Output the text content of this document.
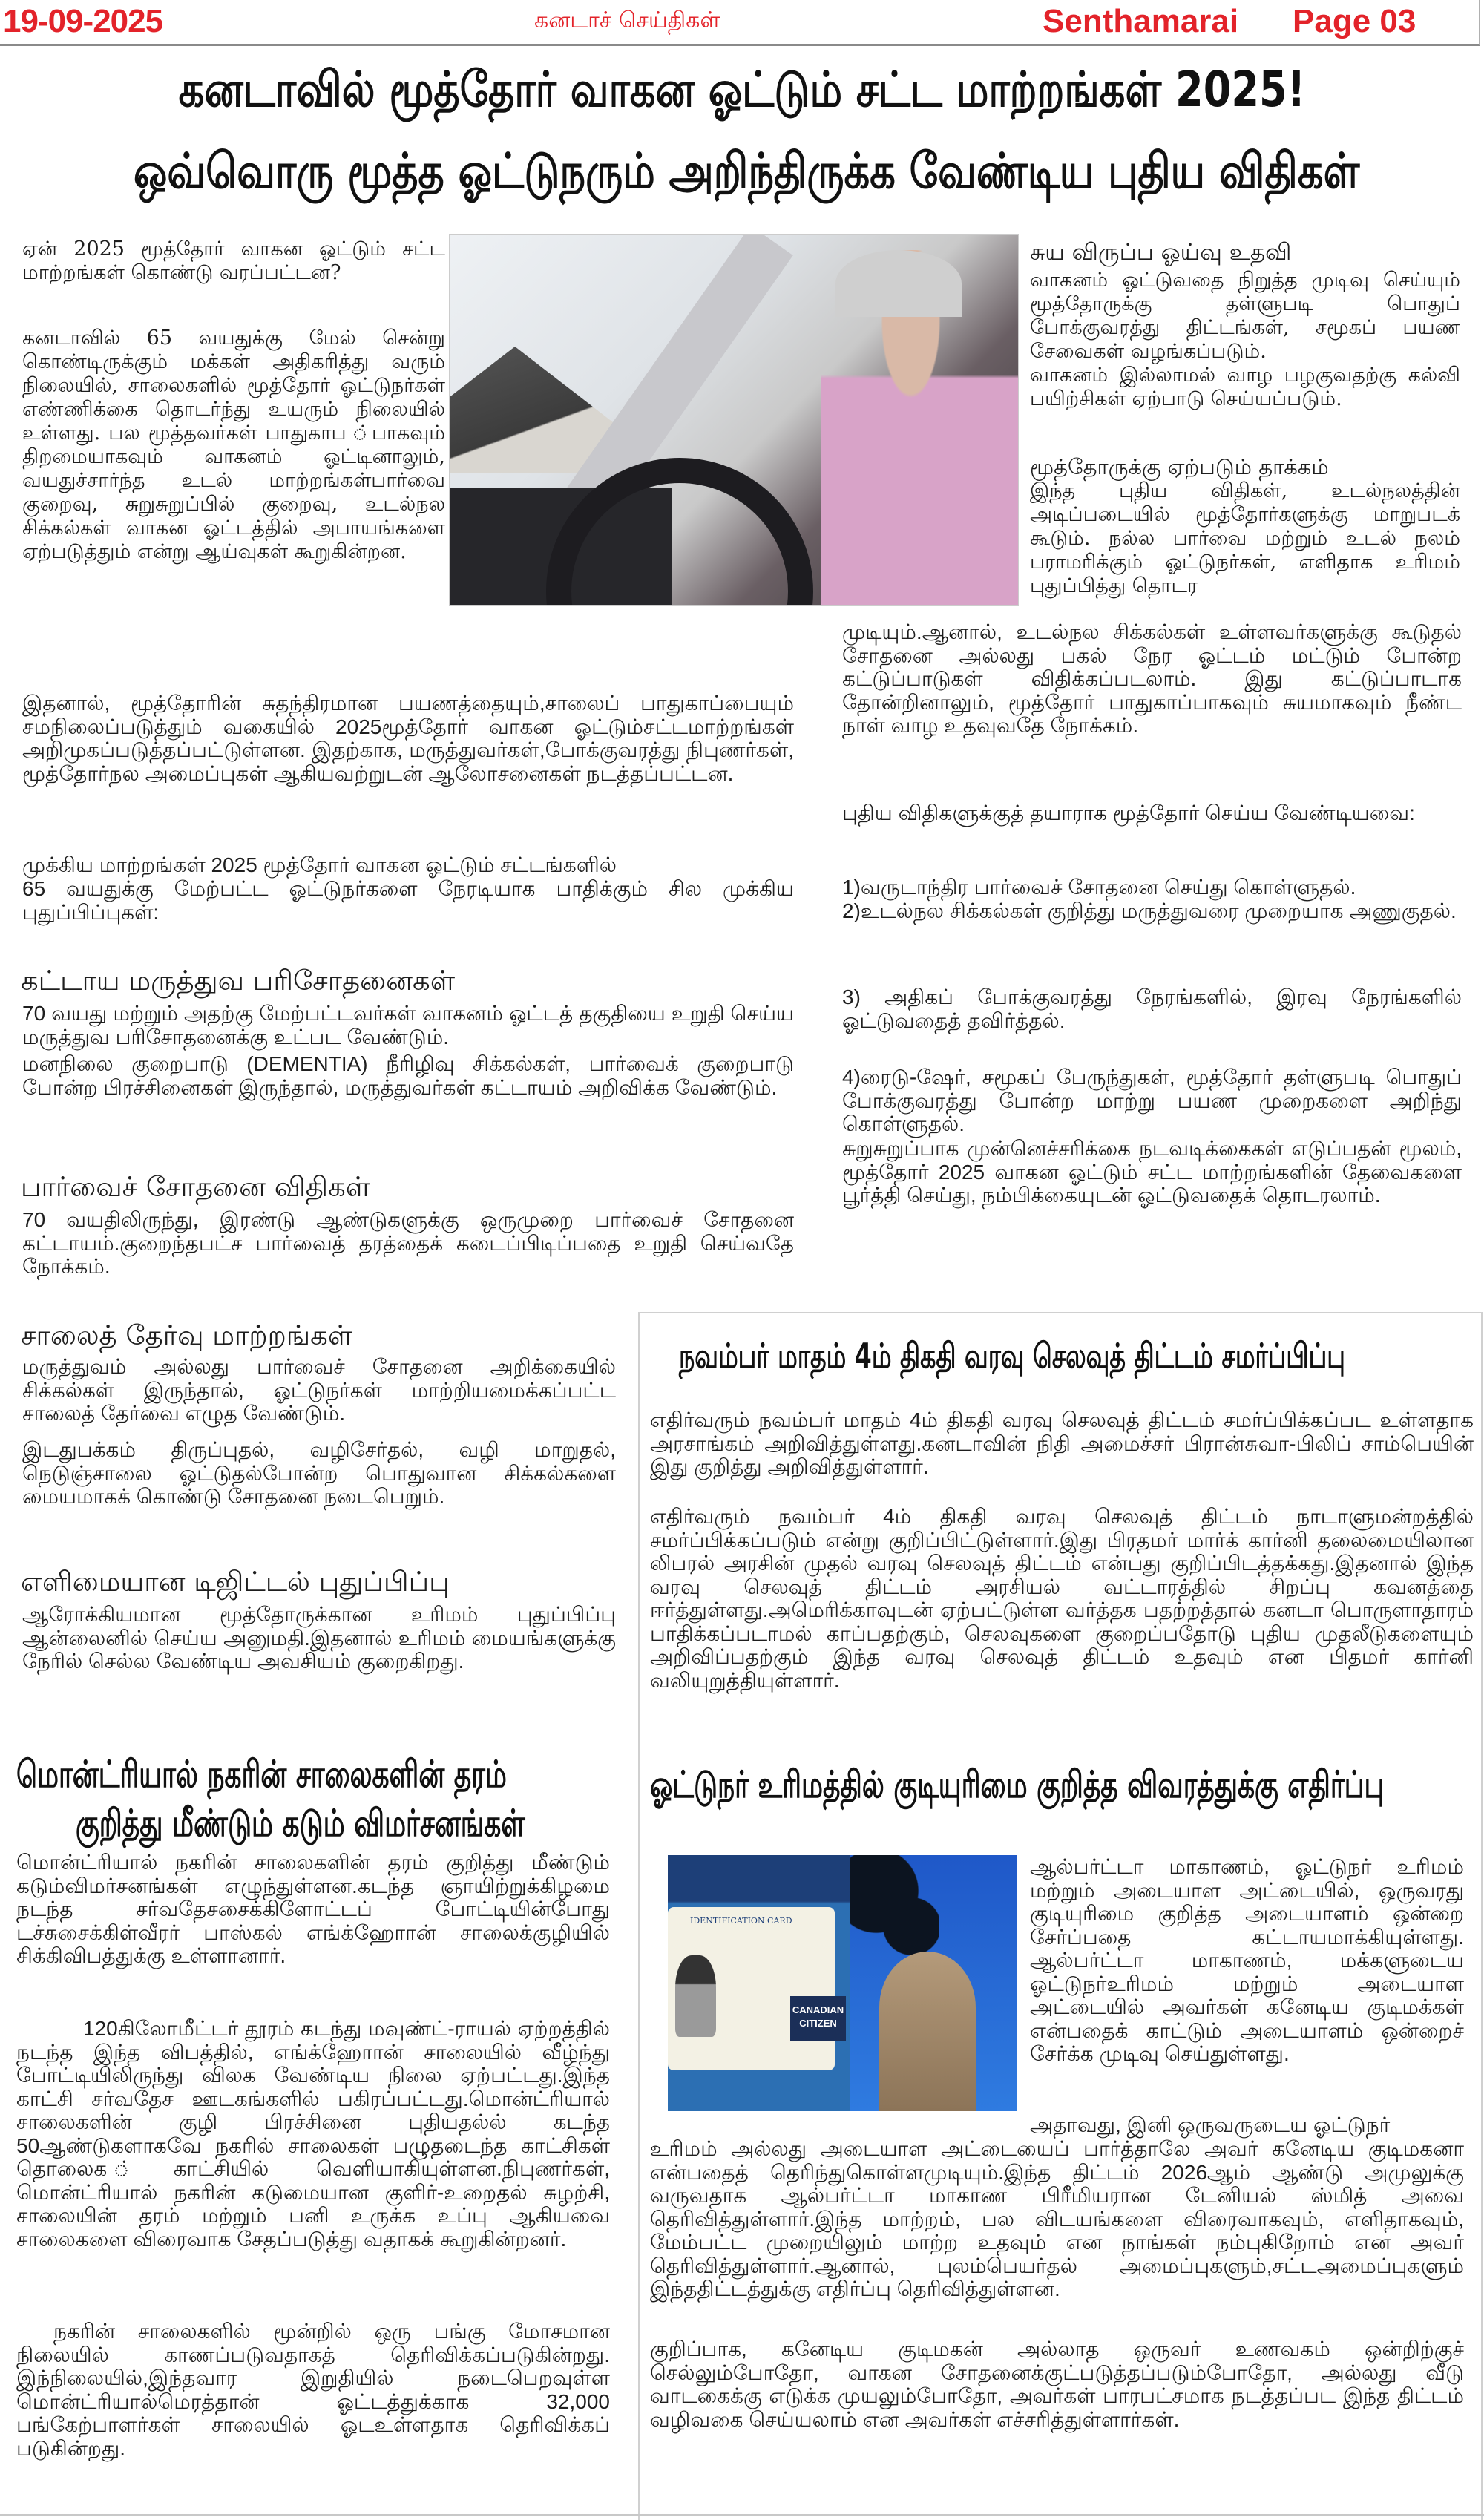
19-09-2025	கனடாச் செய்திகள்	Senthamarai Page 03
கனடாவில் மூத்தோர் வாகன ஓட்டும் சட்ட மாற்றங்கள் 2025!
ஒவ்வொரு மூத்த ஓட்டுநரும் அறிந்திருக்க வேண்டிய புதிய விதிகள்

ஏன் 2025 மூத்தோர் வாகன ஓட்டும் சட்ட மாற்றங்கள் கொண்டு வரப்பட்டன?

கனடாவில் 65 வயதுக்கு மேல் சென்று கொண்டிருக்கும் மக்கள் அதிகரித்து வரும் நிலையில், சாலைகளில் மூத்தோர் ஓட்டுநர்கள் எண்ணிக்கை தொடர்ந்து உயரும் நிலையில் உள்ளது. பல மூத்தவர்கள் பாதுகாப ்பாகவும் திறமையாகவும் வாகனம் ஓட்டினாலும், வயதுச்சார்ந்த உடல் மாற்றங்கள்பார்வை குறைவு, சுறுசுறுப்பில் குறைவு, உடல்நல சிக்கல்கள் வாகன ஓட்டத்தில் அபாயங்களை ஏற்படுத்தும் என்று ஆய்வுகள் கூறுகின்றன.

இதனால், மூத்தோரின் சுதந்திரமான பயணத்தையும்,சாலைப் பாதுகாப்பையும் சமநிலைப்படுத்தும் வகையில் 2025மூத்தோர் வாகன ஓட்டும்சட்டமாற்றங்கள் அறிமுகப்படுத்தப்பட்டுள்ளன. இதற்காக, மருத்துவர்கள்,போக்குவரத்து நிபுணர்கள், மூத்தோர்நல அமைப்புகள் ஆகியவற்றுடன் ஆலோசனைகள் நடத்தப்பட்டன.

முக்கிய மாற்றங்கள் 2025 மூத்தோர் வாகன ஓட்டும் சட்டங்களில்

65 வயதுக்கு மேற்பட்ட ஓட்டுநர்களை நேரடியாக பாதிக்கும் சில முக்கிய புதுப்பிப்புகள்:

கட்டாய மருத்துவ பரிசோதனைகள்

70 வயது மற்றும் அதற்கு மேற்பட்டவர்கள் வாகனம் ஓட்டத் தகுதியை உறுதி செய்ய மருத்துவ பரிசோதனைக்கு உட்பட வேண்டும்.

மனநிலை குறைபாடு (DEMENTIA) நீரிழிவு சிக்கல்கள், பார்வைக் குறைபாடு போன்ற பிரச்சினைகள் இருந்தால், மருத்துவர்கள் கட்டாயம் அறிவிக்க வேண்டும்.

பார்வைச் சோதனை விதிகள்

70 வயதிலிருந்து, இரண்டு ஆண்டுகளுக்கு ஒருமுறை பார்வைச் சோதனை கட்டாயம்.குறைந்தபட்ச பார்வைத் தரத்தைக் கடைப்பிடிப்பதை உறுதி செய்வதே நோக்கம்.

சாலைத் தேர்வு மாற்றங்கள்

மருத்துவம் அல்லது பார்வைச் சோதனை அறிக்கையில் சிக்கல்கள் இருந்தால், ஓட்டுநர்கள் மாற்றியமைக்கப்பட்ட சாலைத் தேர்வை எழுத வேண்டும்.

இடதுபக்கம் திருப்புதல், வழிசேர்தல், வழி மாறுதல், நெடுஞ்சாலை ஓட்டுதல்போன்ற பொதுவான சிக்கல்களை மையமாகக் கொண்டு சோதனை நடைபெறும்.

எளிமையான டிஜிட்டல் புதுப்பிப்பு

ஆரோக்கியமான மூத்தோருக்கான உரிமம் புதுப்பிப்பு ஆன்லைனில் செய்ய அனுமதி.இதனால் உரிமம் மையங்களுக்கு நேரில் செல்ல வேண்டிய அவசியம் குறைகிறது.

சுய விருப்ப ஓய்வு உதவி

வாகனம் ஓட்டுவதை நிறுத்த முடிவு செய்யும் மூத்தோருக்கு தள்ளுபடி பொதுப் போக்குவரத்து திட்டங்கள், சமூகப் பயண சேவைகள் வழங்கப்படும்.

வாகனம் இல்லாமல் வாழ பழகுவதற்கு கல்வி பயிற்சிகள் ஏற்பாடு செய்யப்படும்.

மூத்தோருக்கு ஏற்படும் தாக்கம்

இந்த புதிய விதிகள், உடல்நலத்தின் அடிப்படையில் மூத்தோர்களுக்கு மாறுபடக் கூடும். நல்ல பார்வை மற்றும் உடல் நலம் பராமரிக்கும் ஓட்டுநர்கள், எளிதாக உரிமம் புதுப்பித்து தொடர

முடியும்.ஆனால், உடல்நல சிக்கல்கள் உள்ளவர்களுக்கு கூடுதல் சோதனை அல்லது பகல் நேர ஓட்டம் மட்டும் போன்ற கட்டுப்பாடுகள் விதிக்கப்படலாம். இது கட்டுப்பாடாக தோன்றினாலும், மூத்தோர் பாதுகாப்பாகவும் சுயமாகவும் நீண்ட நாள் வாழ உதவுவதே நோக்கம்.

புதிய விதிகளுக்குத் தயாராக மூத்தோர் செய்ய வேண்டியவை:

1)வருடாந்திர பார்வைச் சோதனை செய்து கொள்ளுதல்.

2)உடல்நல சிக்கல்கள் குறித்து மருத்துவரை முறையாக அணுகுதல்.

3) அதிகப் போக்குவரத்து நேரங்களில், இரவு நேரங்களில் ஓட்டுவதைத் தவிர்த்தல்.

4)ரைடு-ஷேர், சமூகப் பேருந்துகள், மூத்தோர் தள்ளுபடி பொதுப் போக்குவரத்து போன்ற மாற்று பயண முறைகளை அறிந்து கொள்ளுதல்.

சுறுசுறுப்பாக முன்னெச்சரிக்கை நடவடிக்கைகள் எடுப்பதன் மூலம், மூத்தோர் 2025 வாகன ஓட்டும் சட்ட மாற்றங்களின் தேவைகளை பூர்த்தி செய்து, நம்பிக்கையுடன் ஓட்டுவதைக் தொடரலாம்.

நவம்பர் மாதம் 4ம் திகதி வரவு செலவுத் திட்டம் சமர்ப்பிப்பு

எதிர்வரும் நவம்பர் மாதம் 4ம் திகதி வரவு செலவுத் திட்டம் சமர்ப்பிக்கப்பட உள்ளதாக அரசாங்கம் அறிவித்துள்ளது.கனடாவின் நிதி அமைச்சர் பிரான்சுவா-பிலிப் சாம்பெயின் இது குறித்து அறிவித்துள்ளார்.

எதிர்வரும் நவம்பர் 4ம் திகதி வரவு செலவுத் திட்டம் நாடாளுமன்றத்தில் சமர்ப்பிக்கப்படும் என்று குறிப்பிட்டுள்ளார்.இது பிரதமர் மார்க் கார்னி தலைமையிலான லிபரல் அரசின் முதல் வரவு செலவுத் திட்டம் என்பது குறிப்பிடத்தக்கது.இதனால் இந்த வரவு செலவுத் திட்டம் அரசியல் வட்டாரத்தில் சிறப்பு கவனத்தை ஈர்த்துள்ளது.அமெரிக்காவுடன் ஏற்பட்டுள்ள வர்த்தக பதற்றத்தால் கனடா பொருளாதாரம் பாதிக்கப்படாமல் காப்பதற்கும், செலவுகளை குறைப்பதோடு புதிய முதலீடுகளையும் அறிவிப்பதற்கும் இந்த வரவு செலவுத் திட்டம் உதவும் என பிதமர் கார்னி வலியுறுத்தியுள்ளார்.

ஓட்டுநர் உரிமத்தில் குடியுரிமை குறித்த விவரத்துக்கு எதிர்ப்பு
IDENTIFICATION CARD
CANADIAN
CITIZEN

ஆல்பர்ட்டா மாகாணம், ஓட்டுநர் உரிமம் மற்றும் அடையாள அட்டையில், ஒருவரது குடியுரிமை குறித்த அடையாளம் ஒன்றை சேர்ப்பதை கட்டாயமாக்கியுள்ளது. ஆல்பர்ட்டா மாகாணம், மக்களுடைய ஓட்டுநர்உரிமம் மற்றும் அடையாள அட்டையில் அவர்கள் கனேடிய குடிமக்கள் என்பதைக் காட்டும் அடையாளம் ஒன்றைச் சேர்க்க முடிவு செய்துள்ளது.

அதாவது, இனி ஒருவருடைய ஓட்டுநர்

உரிமம் அல்லது அடையாள அட்டையைப் பார்த்தாலே அவர் கனேடிய குடிமகனா என்பதைத் தெரிந்துகொள்ளமுடியும்.இந்த திட்டம் 2026ஆம் ஆண்டு அமுலுக்கு வருவதாக ஆல்பர்ட்டா மாகாண பிரீமியரான டேனியல் ஸ்மித் அவை தெரிவித்துள்ளார்.இந்த மாற்றம், பல விடயங்களை விரைவாகவும், எளிதாகவும், மேம்பட்ட முறையிலும் மாற்ற உதவும் என நாங்கள் நம்புகிறோம் என அவர் தெரிவித்துள்ளார்.ஆனால், புலம்பெயர்தல் அமைப்புகளும்,சட்டஅமைப்புகளும் இந்ததிட்டத்துக்கு எதிர்ப்பு தெரிவித்துள்ளன.

குறிப்பாக, கனேடிய குடிமகன் அல்லாத ஒருவர் உணவகம் ஒன்றிற்குச் செல்லும்போதோ, வாகன சோதனைக்குட்படுத்தப்படும்போதோ, அல்லது வீடு வாடகைக்கு எடுக்க முயலும்போதோ, அவர்கள் பாரபட்சமாக நடத்தப்பட இந்த திட்டம் வழிவகை செய்யலாம் என அவர்கள் எச்சரித்துள்ளார்கள்.

மொன்ட்ரியால் நகரின் சாலைகளின் தரம்
குறித்து மீண்டும் கடும் விமர்சனங்கள்

மொன்ட்ரியால் நகரின் சாலைகளின் தரம் குறித்து மீண்டும் கடும்விமர்சனங்கள் எழுந்துள்ளன.கடந்த ஞாயிற்றுக்கிழமை நடந்த சர்வதேசசைக்கிளோட்டப் போட்டியின்போது டச்சுசைக்கிள்வீரர் பாஸ்கல் எங்க்ஹோான் சாலைக்குழியில் சிக்கிவிபத்துக்கு உள்ளானார்.

120கிலோமீட்டர் தூரம் கடந்து மவுண்ட்-ராயல் ஏற்றத்தில் நடந்த இந்த விபத்தில், எங்க்ஹோான் சாலையில் வீழ்ந்து போட்டியிலிருந்து விலக வேண்டிய நிலை ஏற்பட்டது.இந்த காட்சி சர்வதேச ஊடகங்களில் பகிரப்பட்டது.மொன்ட்ரியால் சாலைகளின் குழி பிரச்சினை புதியதல்ல் கடந்த 50ஆண்டுகளாகவே நகரில் சாலைகள் பழுதடைந்த காட்சிகள் தொலைக ்காட்சியில் வெளியாகியுள்ளன.நிபுணர்கள், மொன்ட்ரியால் நகரின் கடுமையான குளிர்-உறைதல் சுழற்சி, சாலையின் தரம் மற்றும் பனி உருக்க உப்பு ஆகியவை சாலைகளை விரைவாக சேதப்படுத்து வதாகக் கூறுகின்றனர்.

நகரின் சாலைகளில் மூன்றில் ஒரு பங்கு மோசமான நிலையில் காணப்படுவதாகத் தெரிவிக்கப்படுகின்றது. இந்நிலையில்,இந்தவார இறுதியில் நடைபெறவுள்ள மொன்ட்ரியால்மெரத்தான் ஓட்டத்துக்காக 32,000 பங்கேற்பாளர்கள் சாலையில் ஓடஉள்ளதாக தெரிவிக்கப் படுகின்றது.
